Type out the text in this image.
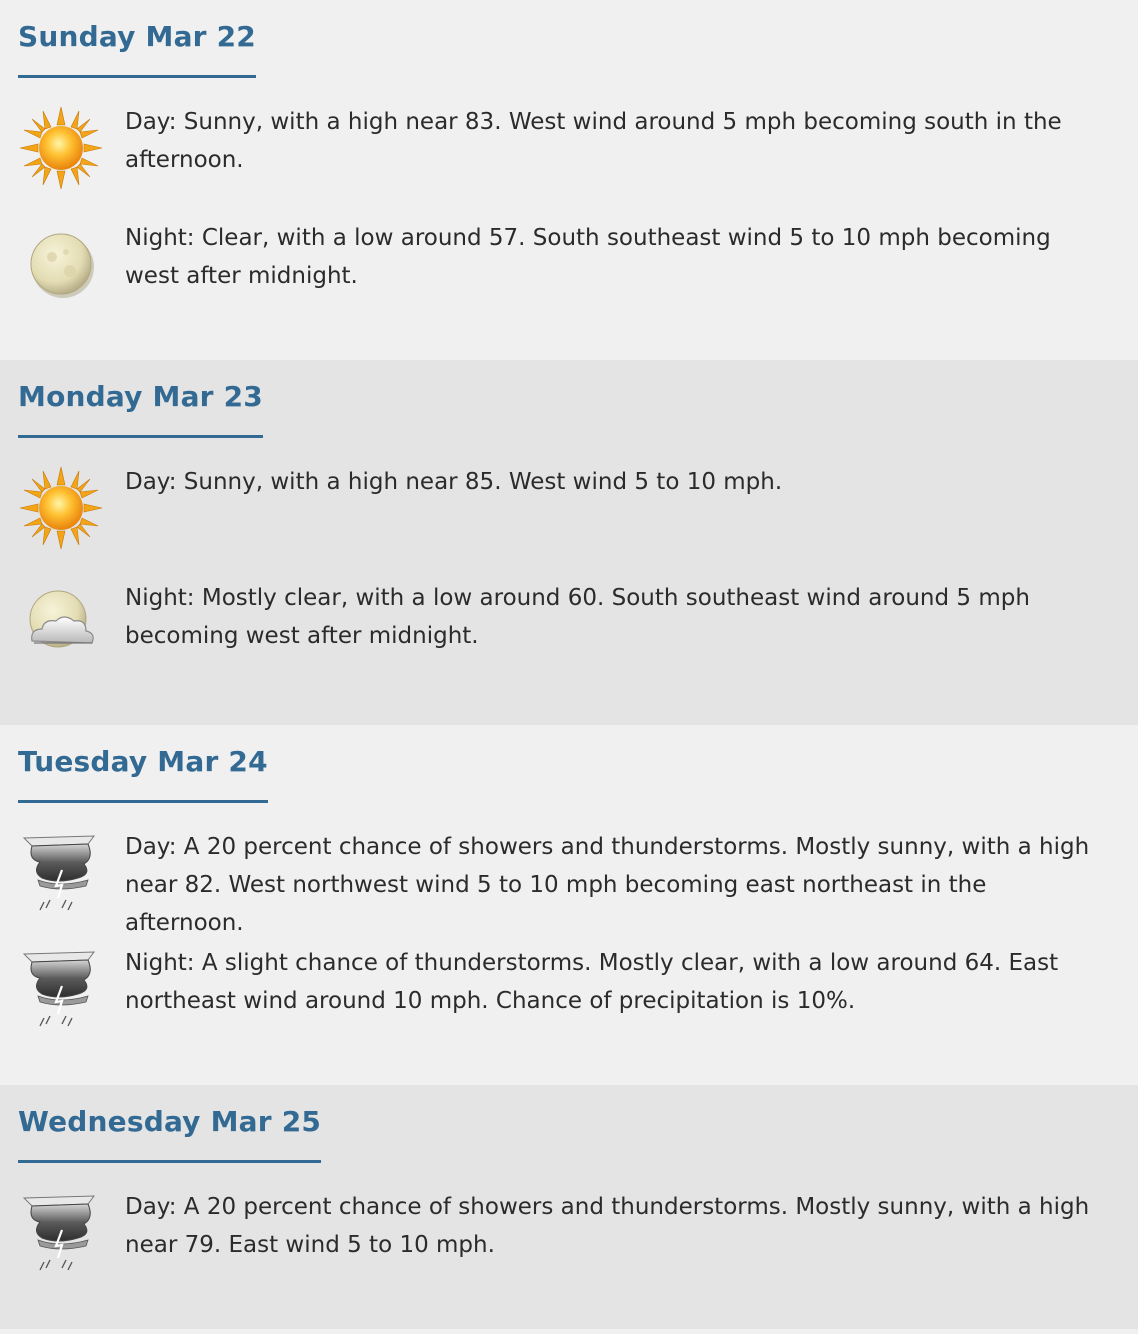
Sunday Mar 22
Day: Sunny, with a high near 83. West wind around 5 mph becoming south in the afternoon.
Night: Clear, with a low around 57. South southeast wind 5 to 10 mph becoming west after midnight.
Monday Mar 23
Day: Sunny, with a high near 85. West wind 5 to 10 mph.
Night: Mostly clear, with a low around 60. South southeast wind around 5 mph becoming west after midnight.
Tuesday Mar 24
Day: A 20 percent chance of showers and thunderstorms. Mostly sunny, with a high near 82. West northwest wind 5 to 10 mph becoming east northeast in the afternoon.
Night: A slight chance of thunderstorms. Mostly clear, with a low around 64. East northeast wind around 10 mph. Chance of precipitation is 10%.
Wednesday Mar 25
Day: A 20 percent chance of showers and thunderstorms. Mostly sunny, with a high near 79. East wind 5 to 10 mph.
